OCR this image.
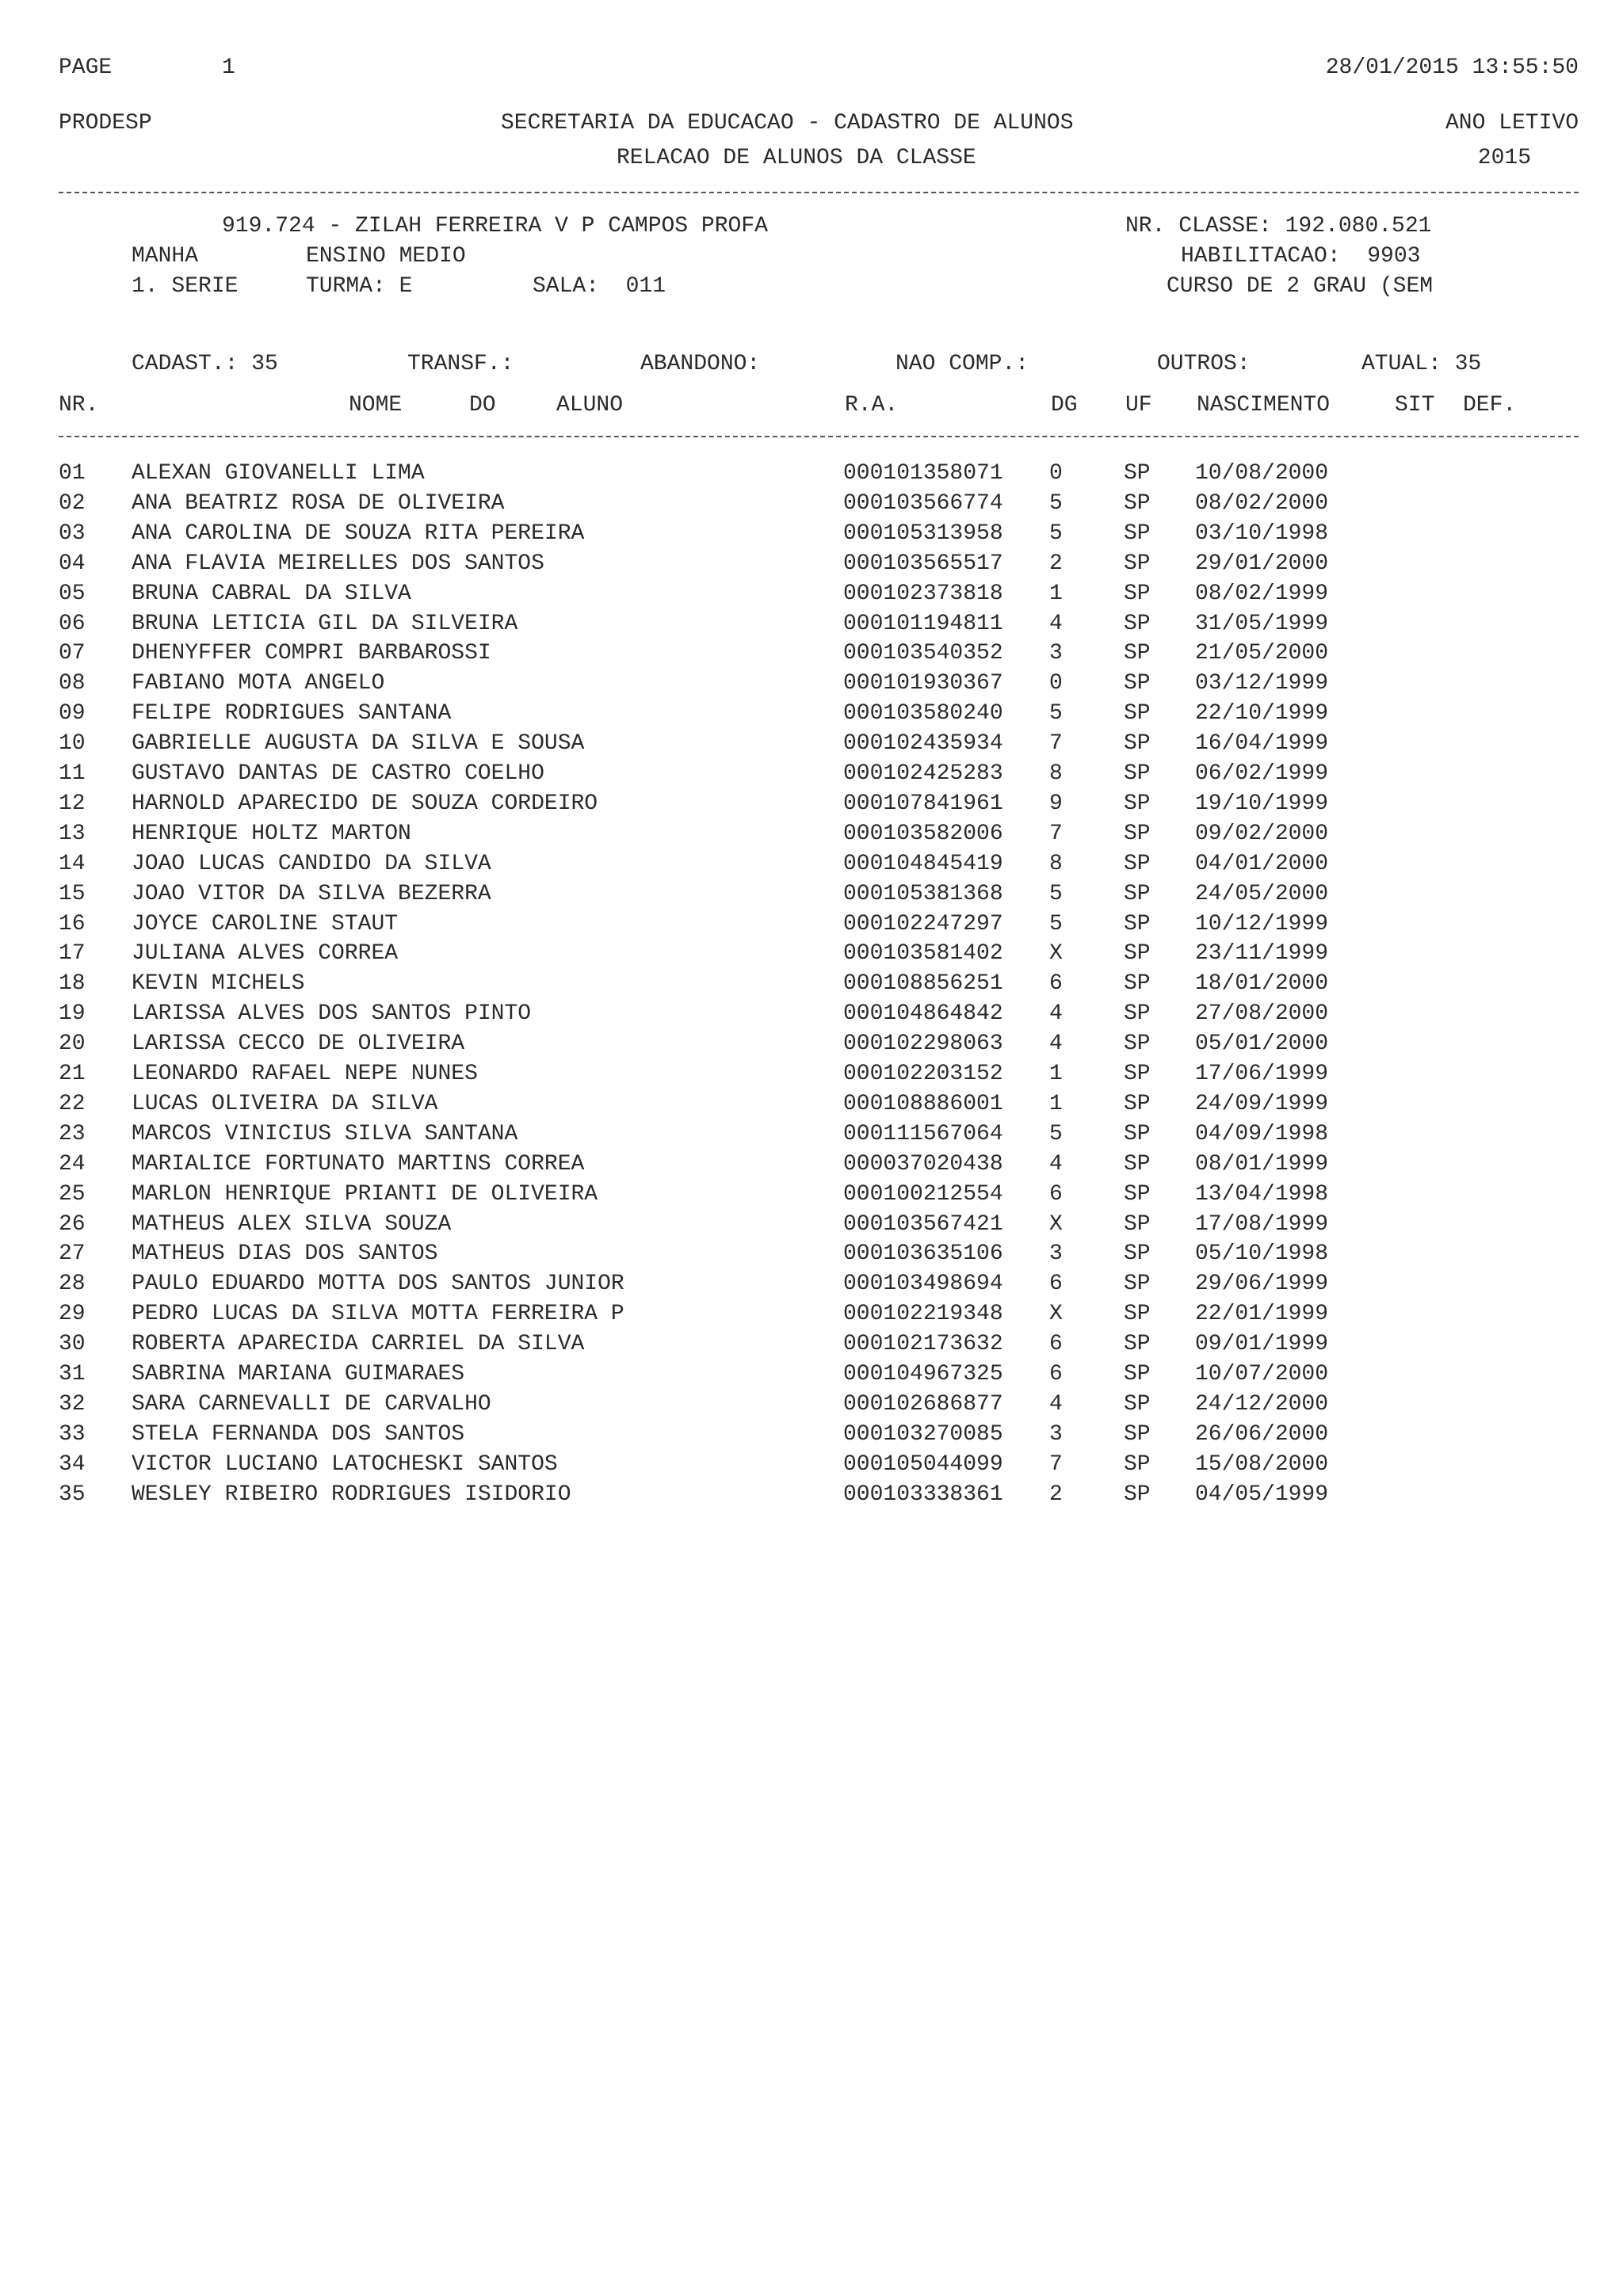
PAGE	1	28/01/2015 13:55:50
PRODESP	SECRETARIA DA EDUCACAO - CADASTRO DE ALUNOS	ANO LETIVO
RELACAO DE ALUNOS DA CLASSE	2015
919.724 - ZILAH FERREIRA V P CAMPOS PROFA	NR. CLASSE: 192.080.521
MANHA	ENSINO MEDIO	HABILITACAO:  9903
1. SERIE	TURMA: E	SALA:  011	CURSO DE 2 GRAU (SEM
CADAST.: 35	TRANSF.:	ABANDONO:	NAO COMP.:	OUTROS:	ATUAL: 35
NR.	NOME	DO	ALUNO	R.A.	DG UF NASCIMENTO	SIT DEF.
01 ALEXAN GIOVANELLI LIMA	000101358071 0	SP 10/08/2000
02 ANA BEATRIZ ROSA DE OLIVEIRA	000103566774 5	SP 08/02/2000
03 ANA CAROLINA DE SOUZA RITA PEREIRA	000105313958 5	SP 03/10/1998
04 ANA FLAVIA MEIRELLES DOS SANTOS	000103565517 2	SP 29/01/2000
05 BRUNA CABRAL DA SILVA	000102373818 1	SP 08/02/1999
06 BRUNA LETICIA GIL DA SILVEIRA	000101194811 4	SP 31/05/1999
07 DHENYFFER COMPRI BARBAROSSI	000103540352 3	SP 21/05/2000
08 FABIANO MOTA ANGELO	000101930367 0	SP 03/12/1999
09 FELIPE RODRIGUES SANTANA	000103580240 5	SP 22/10/1999
10 GABRIELLE AUGUSTA DA SILVA E SOUSA	000102435934 7	SP 16/04/1999
11 GUSTAVO DANTAS DE CASTRO COELHO	000102425283 8	SP 06/02/1999
12 HARNOLD APARECIDO DE SOUZA CORDEIRO	000107841961 9	SP 19/10/1999
13 HENRIQUE HOLTZ MARTON	000103582006 7	SP 09/02/2000
14 JOAO LUCAS CANDIDO DA SILVA	000104845419 8	SP 04/01/2000
15 JOAO VITOR DA SILVA BEZERRA	000105381368 5	SP 24/05/2000
16 JOYCE CAROLINE STAUT	000102247297 5	SP 10/12/1999
17 JULIANA ALVES CORREA	000103581402 X	SP 23/11/1999
18 KEVIN MICHELS	000108856251 6	SP 18/01/2000
19 LARISSA ALVES DOS SANTOS PINTO	000104864842 4	SP 27/08/2000
20 LARISSA CECCO DE OLIVEIRA	000102298063 4	SP 05/01/2000
21 LEONARDO RAFAEL NEPE NUNES	000102203152 1	SP 17/06/1999
22 LUCAS OLIVEIRA DA SILVA	000108886001 1	SP 24/09/1999
23 MARCOS VINICIUS SILVA SANTANA	000111567064 5	SP 04/09/1998
24 MARIALICE FORTUNATO MARTINS CORREA	000037020438 4	SP 08/01/1999
25 MARLON HENRIQUE PRIANTI DE OLIVEIRA	000100212554 6	SP 13/04/1998
26 MATHEUS ALEX SILVA SOUZA	000103567421 X	SP 17/08/1999
27 MATHEUS DIAS DOS SANTOS	000103635106 3	SP 05/10/1998
28 PAULO EDUARDO MOTTA DOS SANTOS JUNIOR	000103498694 6	SP 29/06/1999
29 PEDRO LUCAS DA SILVA MOTTA FERREIRA P	000102219348 X	SP 22/01/1999
30 ROBERTA APARECIDA CARRIEL DA SILVA	000102173632 6	SP 09/01/1999
31 SABRINA MARIANA GUIMARAES	000104967325 6	SP 10/07/2000
32 SARA CARNEVALLI DE CARVALHO	000102686877 4	SP 24/12/2000
33 STELA FERNANDA DOS SANTOS	000103270085 3	SP 26/06/2000
34 VICTOR LUCIANO LATOCHESKI SANTOS	000105044099 7	SP 15/08/2000
35 WESLEY RIBEIRO RODRIGUES ISIDORIO	000103338361 2	SP 04/05/1999
